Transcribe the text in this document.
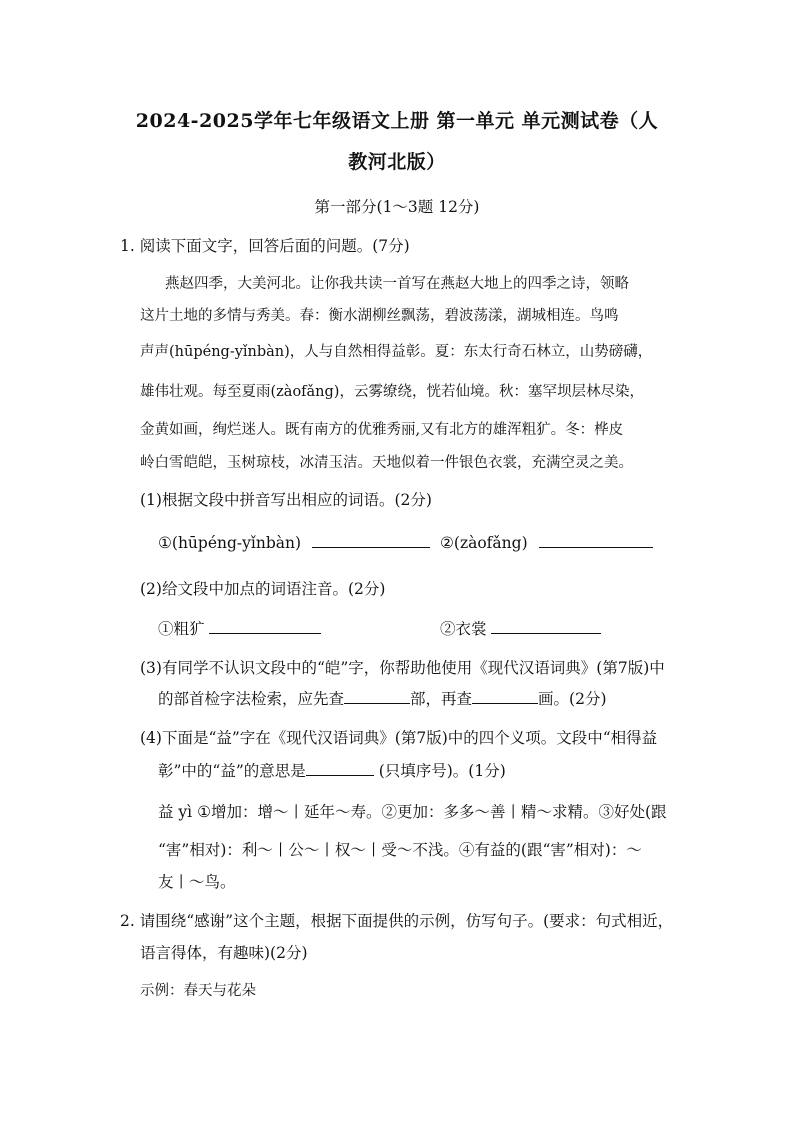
2024-2025学年七年级语文上册 第一单元 单元测试卷（人
教河北版）
第一部分(1～3题 12分)
1. 阅读下面文字，回答后面的问题。(7分)
燕赵四季，大美河北。让你我共读一首写在燕赵大地上的四季之诗，领略
这片土地的多情与秀美。春：衡水湖柳丝飘荡，碧波荡漾，湖城相连。鸟鸣
声声(hūpéng-yǐnbàn)，人与自然相得益彰。夏：东太行奇石林立，山势磅礴，
雄伟壮观。每至夏雨(zàofǎng)，云雾缭绕，恍若仙境。秋：塞罕坝层林尽染，
金黄如画，绚烂迷人。既有南方的优雅秀丽,又有北方的雄浑粗犷。冬：桦皮
岭白雪皑皑，玉树琼枝，冰清玉洁。天地似着一件银色衣裳，充满空灵之美。
(1)根据文段中拼音写出相应的词语。(2分)
①(hūpéng-yǐnbàn)	②(zàofǎng)
(2)给文段中加点的词语注音。(2分)
①粗犷	②衣裳
(3)有同学不认识文段中的“皑”字，你帮助他使用《现代汉语词典》(第7版)中
的部首检字法检索，应先查	部，再查	画。(2分)
(4)下面是“益”字在《现代汉语词典》(第7版)中的四个义项。文段中“相得益
彰”中的“益”的意思是	(只填序号)。(1分)
益 yì ①增加：增～丨延年～寿。②更加：多多～善丨精～求精。③好处(跟
“害”相对)：利～丨公～丨权～丨受～不浅。④有益的(跟“害”相对)：～
友丨～鸟。
2. 请围绕“感谢”这个主题，根据下面提供的示例，仿写句子。(要求：句式相近，
语言得体，有趣味)(2分)
示例：春天与花朵
